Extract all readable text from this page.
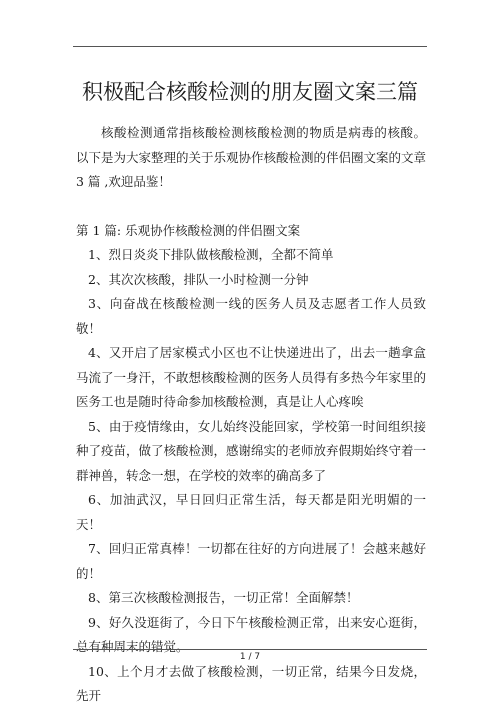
积极配合核酸检测的朋友圈文案三篇

核酸检测通常指核酸检测核酸检测的物质是病毒的核酸。 以下是为大家整理的关于乐观协作核酸检测的伴侣圈文案的文章 3 篇 ,欢迎品鉴！

第 1 篇: 乐观协作核酸检测的伴侣圈文案

1、烈日炎炎下排队做核酸检测，全都不简单

2、其次次核酸，排队一小时检测一分钟

3、向奋战在核酸检测一线的医务人员及志愿者工作人员致敬！

4、又开启了居家模式小区也不让快递进出了，出去一趟拿盒马流了一身汗，不敢想核酸检测的医务人员得有多热今年家里的医务工也是随时待命参加核酸检测，真是让人心疼唉

5、由于疫情缘由，女儿始终没能回家，学校第一时间组织接种了疫苗，做了核酸检测，感谢绵实的老师放弃假期始终守着一群神兽，转念一想，在学校的效率的确高多了

6、加油武汉，早日回归正常生活，每天都是阳光明媚的一天！

7、回归正常真棒！一切都在往好的方向进展了！会越来越好的！

8、第三次核酸检测报告，一切正常！全面解禁！

9、好久没逛街了，今日下午核酸检测正常，出来安心逛街，总有种周末的错觉。

10、上个月才去做了核酸检测，一切正常，结果今日发烧，先开

1 / 7
